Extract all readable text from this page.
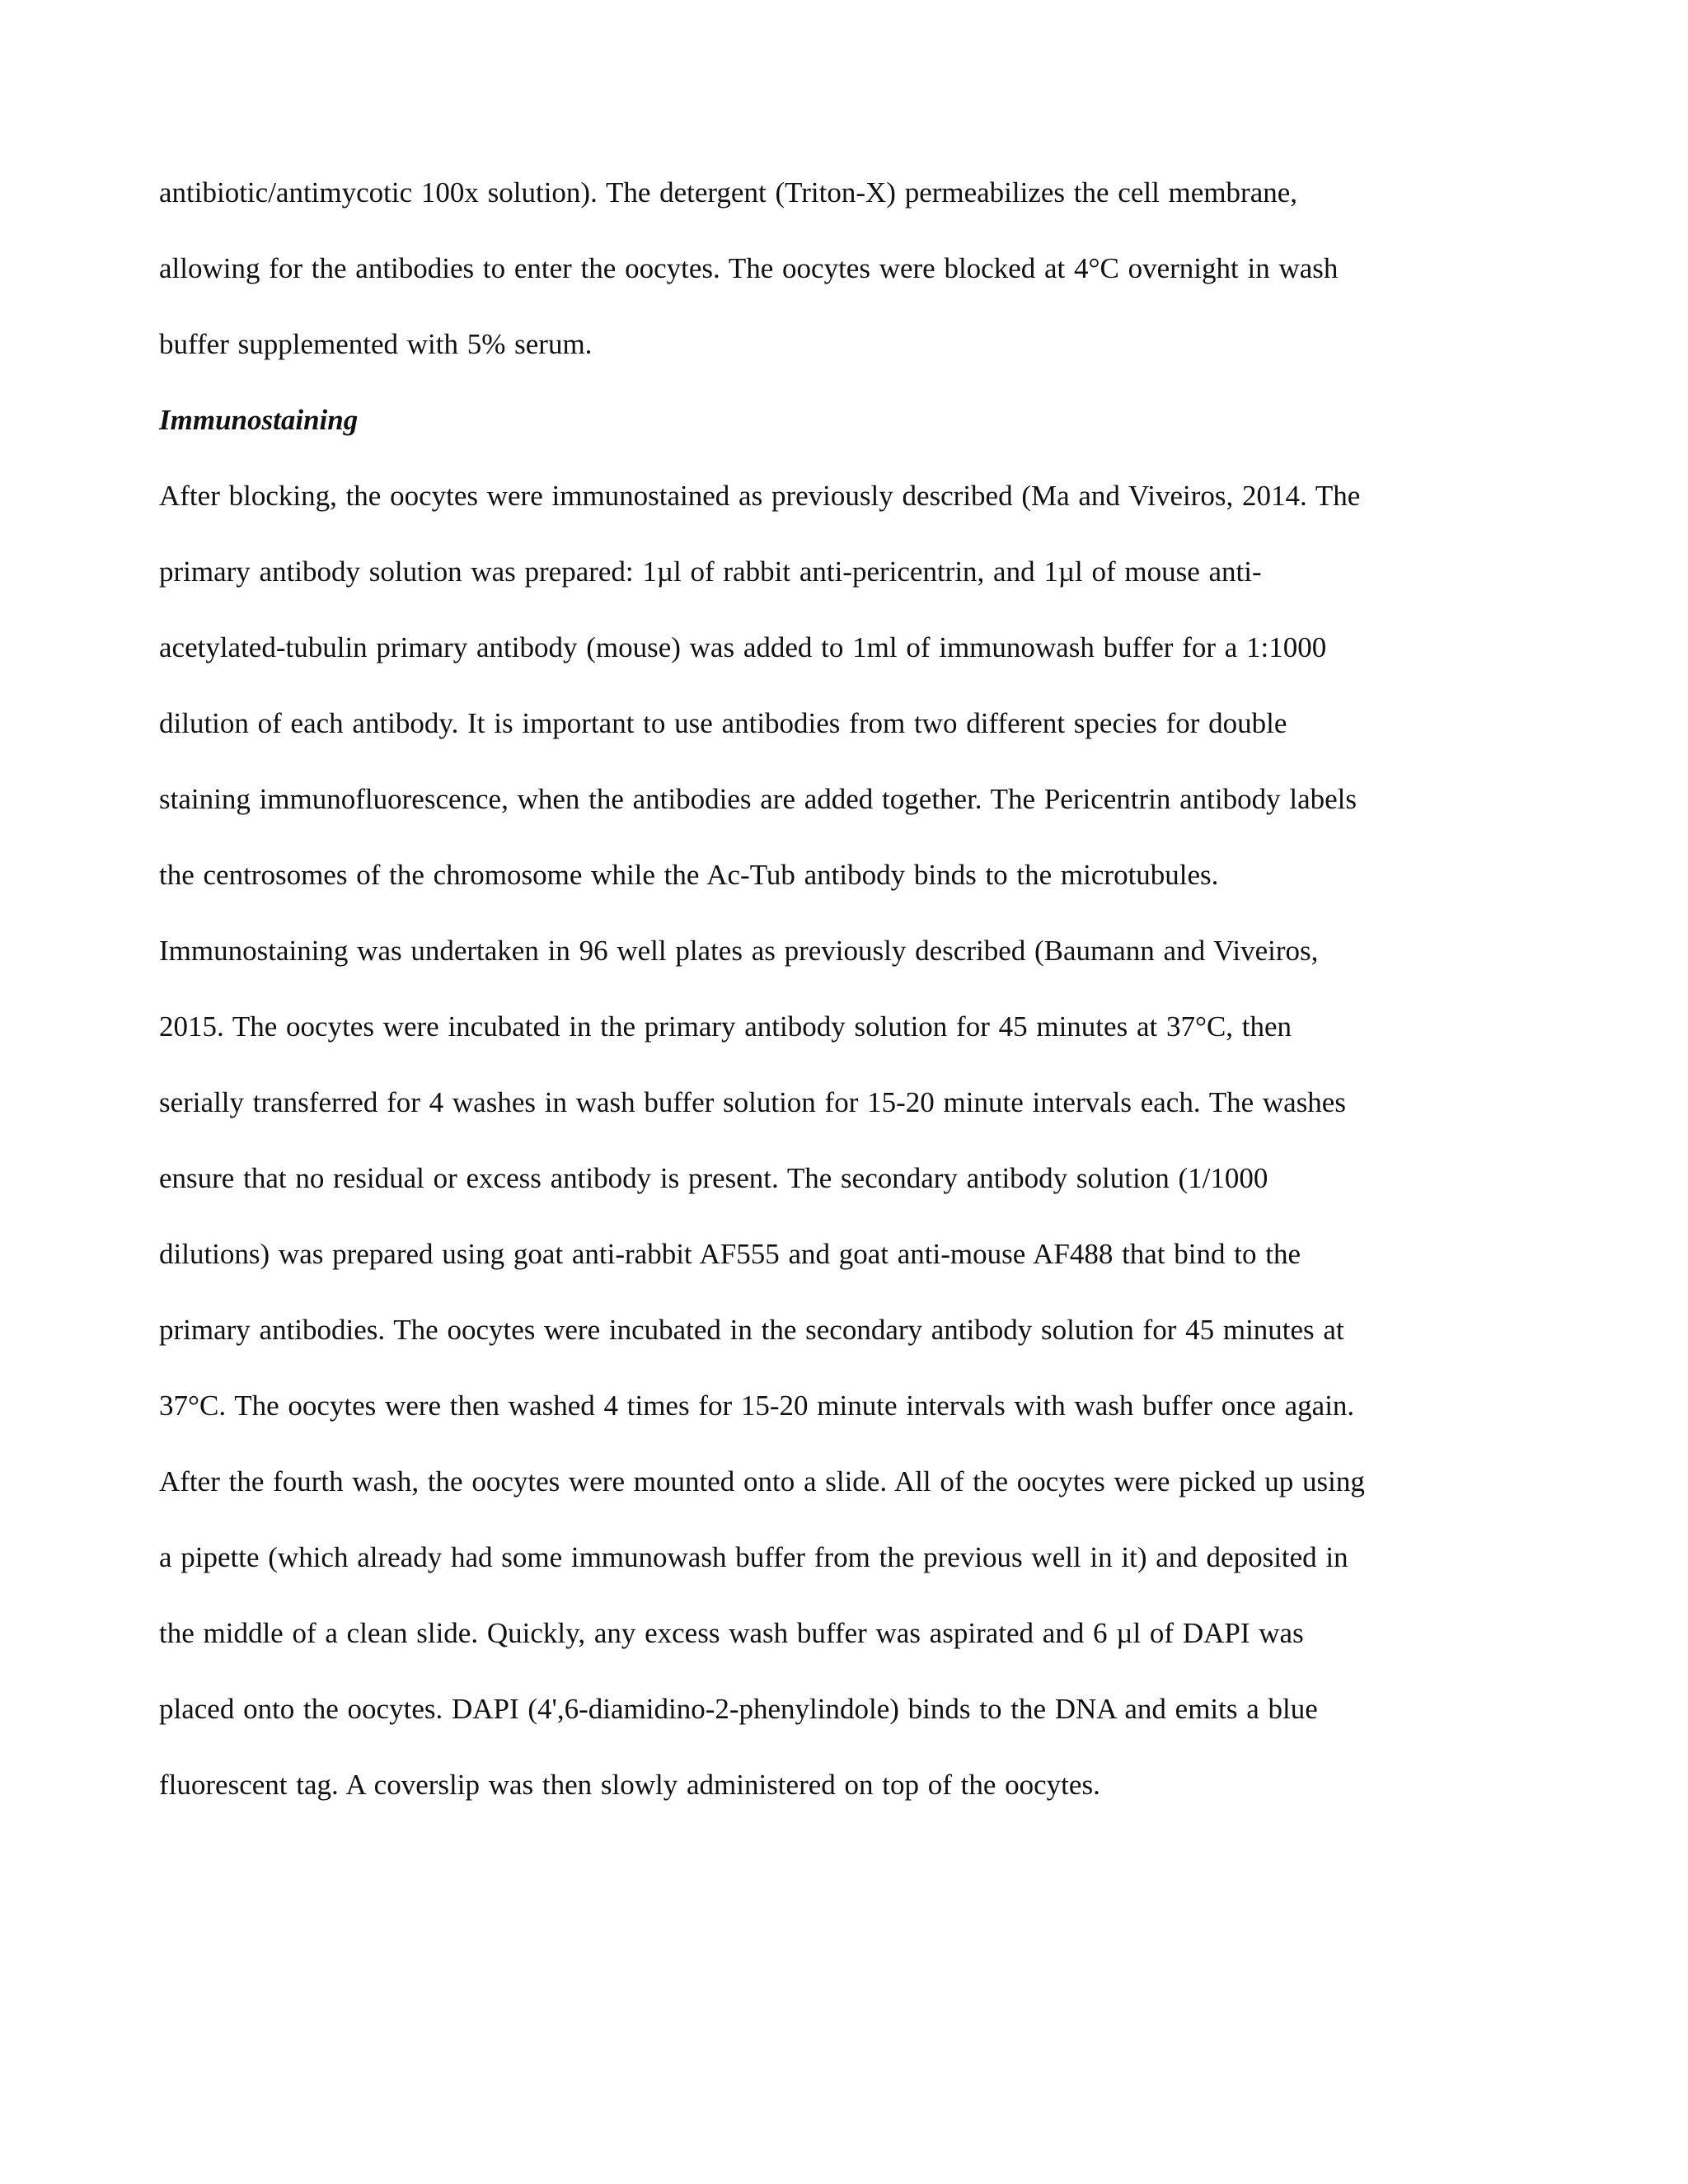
antibiotic/antimycotic 100x solution). The detergent (Triton-X) permeabilizes the cell membrane,

allowing for the antibodies to enter the oocytes. The oocytes were blocked at 4°C overnight in wash

buffer supplemented with 5% serum.

Immunostaining

After blocking, the oocytes were immunostained as previously described (Ma and Viveiros, 2014. The

primary antibody solution was prepared: 1µl of rabbit anti-pericentrin, and 1µl of mouse anti-

acetylated-tubulin primary antibody (mouse) was added to 1ml of immunowash buffer for a 1:1000

dilution of each antibody. It is important to use antibodies from two different species for double

staining immunofluorescence, when the antibodies are added together. The Pericentrin antibody labels

the centrosomes of the chromosome while the Ac-Tub antibody binds to the microtubules.

Immunostaining was undertaken in 96 well plates as previously described (Baumann and Viveiros,

2015. The oocytes were incubated in the primary antibody solution for 45 minutes at 37°C, then

serially transferred for 4 washes in wash buffer solution for 15-20 minute intervals each. The washes

ensure that no residual or excess antibody is present. The secondary antibody solution (1/1000

dilutions) was prepared using goat anti-rabbit AF555 and goat anti-mouse AF488 that bind to the

primary antibodies. The oocytes were incubated in the secondary antibody solution for 45 minutes at

37°C. The oocytes were then washed 4 times for 15-20 minute intervals with wash buffer once again.

After the fourth wash, the oocytes were mounted onto a slide. All of the oocytes were picked up using

a pipette (which already had some immunowash buffer from the previous well in it) and deposited in

the middle of a clean slide. Quickly, any excess wash buffer was aspirated and 6 µl of DAPI was

placed onto the oocytes. DAPI (4',6-diamidino-2-phenylindole) binds to the DNA and emits a blue

fluorescent tag. A coverslip was then slowly administered on top of the oocytes.
